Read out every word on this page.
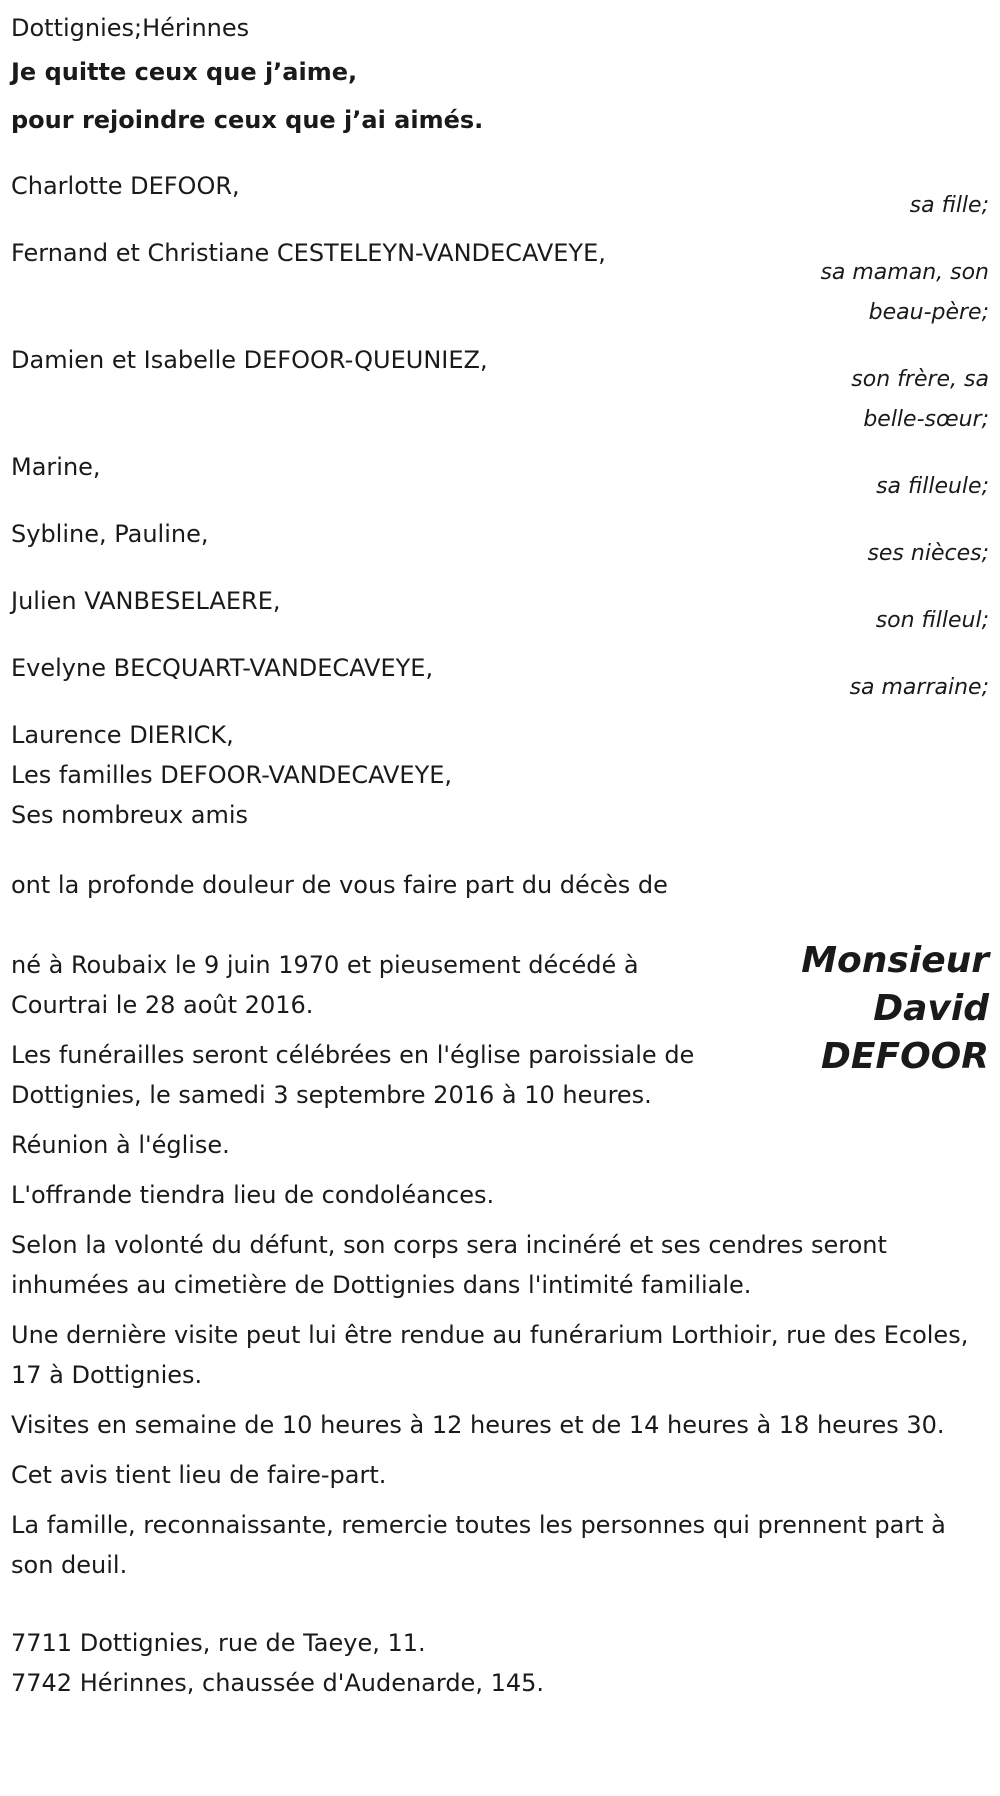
Dottignies;Hérinnes

Je quitte ceux que j’aime,

pour rejoindre ceux que j’ai aimés.

Charlotte DEFOOR,
sa fille;
Fernand et Christiane CESTELEYN-VANDECAVEYE,
sa maman, son beau-père;
Damien et Isabelle DEFOOR-QUEUNIEZ,
son frère, sa belle-sœur;
Marine,
sa filleule;
Sybline, Pauline,
ses nièces;
Julien VANBESELAERE,
son filleul;
Evelyne BECQUART-VANDECAVEYE,
sa marraine;
Laurence DIERICK,
Les familles DEFOOR-VANDECAVEYE,
Ses nombreux amis

ont la profonde douleur de vous faire part du décès de

né à Roubaix le 9 juin 1970 et pieusement décédé à Courtrai le 28 août 2016.

Les funérailles seront célébrées en l'église paroissiale de Dottignies, le samedi 3 septembre 2016 à 10 heures.

Monsieur
David
DEFOOR

Réunion à l'église.

L'offrande tiendra lieu de condoléances.

Selon la volonté du défunt, son corps sera incinéré et ses cendres seront inhumées au cimetière de Dottignies dans l'intimité familiale.

Une dernière visite peut lui être rendue au funérarium Lorthioir, rue des Ecoles, 17 à Dottignies.

Visites en semaine de 10 heures à 12 heures et de 14 heures à 18 heures 30.

Cet avis tient lieu de faire-part.

La famille, reconnaissante, remercie toutes les personnes qui prennent part à son deuil.

7711 Dottignies, rue de Taeye, 11.
7742 Hérinnes, chaussée d'Audenarde, 145.
